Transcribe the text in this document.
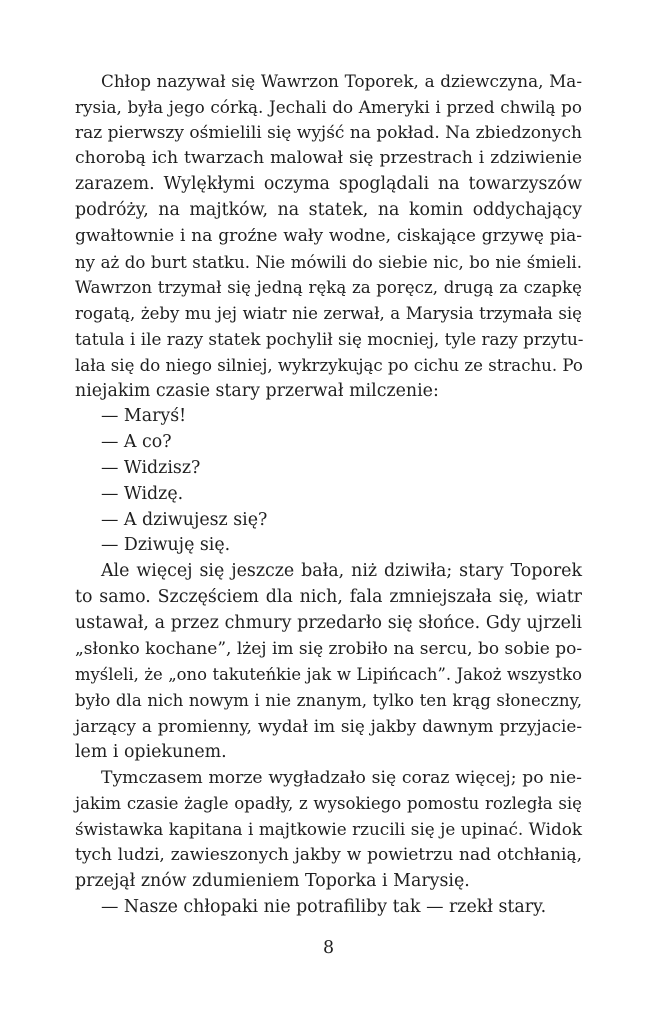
Chłop nazywał się Wawrzon Toporek, a dziewczyna, Ma-
rysia, była jego córką. Jechali do Ameryki i przed chwilą po
raz pierwszy ośmielili się wyjść na pokład. Na zbiedzonych
chorobą ich twarzach malował się przestrach i zdziwienie
zarazem. Wylękłymi oczyma spoglądali na towarzyszów
podróży, na majtków, na statek, na komin oddychający
gwałtownie i na groźne wały wodne, ciskające grzywę pia-
ny aż do burt statku. Nie mówili do siebie nic, bo nie śmieli.
Wawrzon trzymał się jedną ręką za poręcz, drugą za czapkę
rogatą, żeby mu jej wiatr nie zerwał, a Marysia trzymała się
tatula i ile razy statek pochylił się mocniej, tyle razy przytu-
lała się do niego silniej, wykrzykując po cichu ze strachu. Po
niejakim czasie stary przerwał milczenie:
— Maryś!
— A co?
— Widzisz?
— Widzę.
— A dziwujesz się?
— Dziwuję się.
Ale więcej się jeszcze bała, niż dziwiła; stary Toporek
to samo. Szczęściem dla nich, fala zmniejszała się, wiatr
ustawał, a przez chmury przedarło się słońce. Gdy ujrzeli
„słonko kochane”, lżej im się zrobiło na sercu, bo sobie po-
myśleli, że „ono takuteńkie jak w Lipińcach”. Jakoż wszystko
było dla nich nowym i nie znanym, tylko ten krąg słoneczny,
jarzący a promienny, wydał im się jakby dawnym przyjacie-
lem i opiekunem.
Tymczasem morze wygładzało się coraz więcej; po nie-
jakim czasie żagle opadły, z wysokiego pomostu rozległa się
świstawka kapitana i majtkowie rzucili się je upinać. Widok
tych ludzi, zawieszonych jakby w powietrzu nad otchłanią,
przejął znów zdumieniem Toporka i Marysię.
— Nasze chłopaki nie potrafiliby tak — rzekł stary.
8
